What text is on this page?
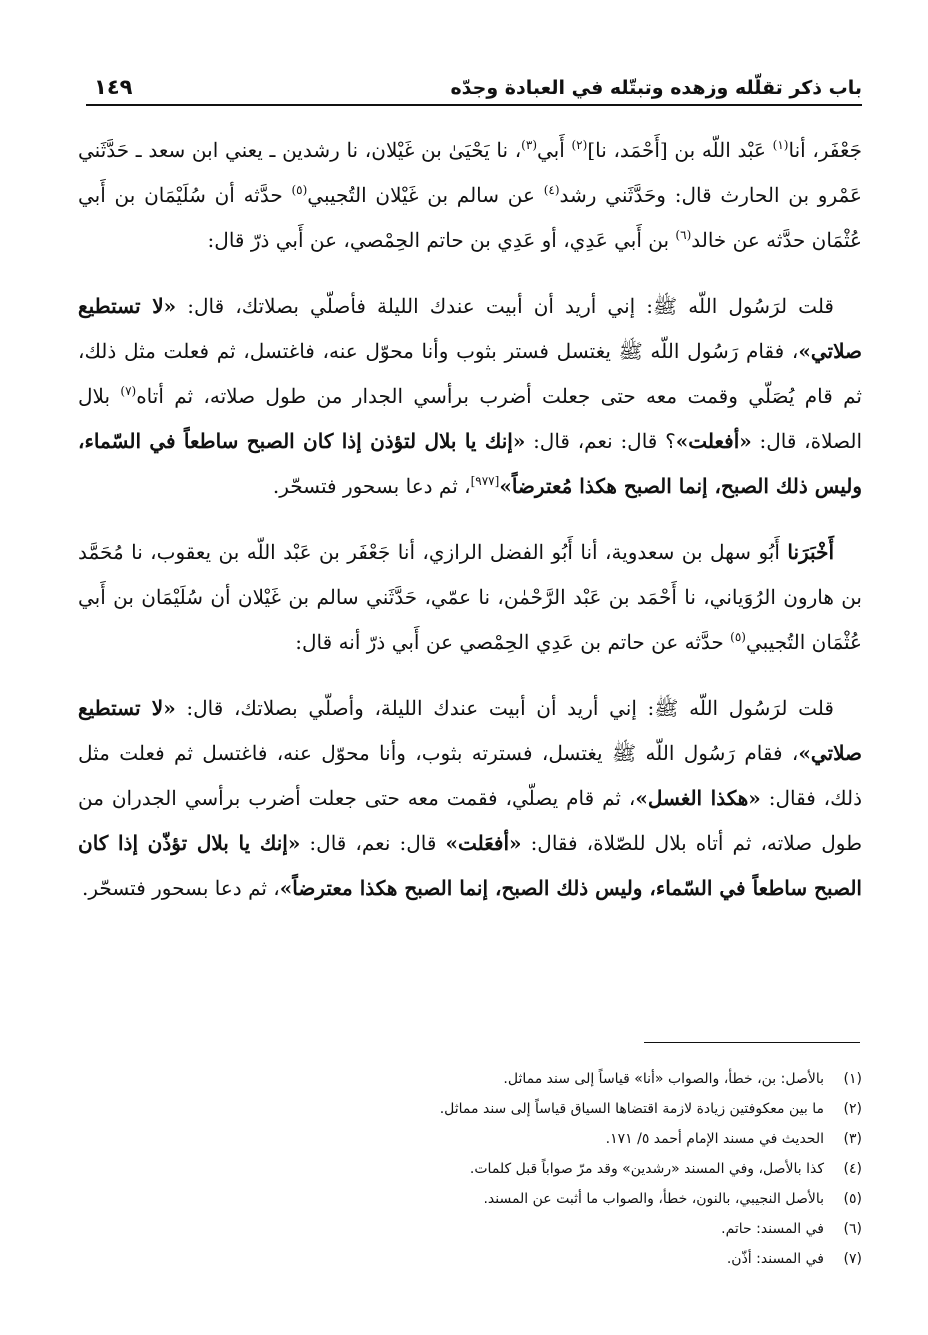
باب ذكر تقلّله وزهده وتبتّله في العبادة وجدّه
١٤٩

جَعْفَر، أنا$^{(١)}$ عَبْد اللّه بن [أَحْمَد، نا]$^{(٢)}$ أَبي$^{(٣)}$، نا يَحْيَىٰ بن غَيْلان، نا رشدين ـ يعني ابن سعد ـ حَدَّثَني عَمْرو بن الحارث قال: وحَدَّثَني رشد$^{(٤)}$ عن سالم بن غَيْلان التُجيبي$^{(٥)}$ حدَّثه أن سُلَيْمَان بن أَبي عُثْمَان حدَّثه عن خالد$^{(٦)}$ بن أَبي عَدِي، أو عَدِي بن حاتم الحِمْصي، عن أَبي ذرّ قال:

قلت لرَسُول اللّه ﷺ: إني أريد أن أبيت عندك الليلة فأصلّي بصلاتك، قال: «لا تستطيع صلاتي»، فقام رَسُول اللّه ﷺ يغتسل فستر بثوب وأنا محوّل عنه، فاغتسل، ثم فعلت مثل ذلك، ثم قام يُصَلّي وقمت معه حتى جعلت أضرب برأسي الجدار من طول صلاته، ثم أتاه$^{(٧)}$ بلال الصلاة، قال: «أفعلت»؟ قال: نعم، قال: «إنك يا بلال لتؤذن إذا كان الصبح ساطعاً في السّماء، وليس ذلك الصبح، إنما الصبح هكذا مُعترضاً»[٩٧٧]، ثم دعا بسحور فتسحّر.

أَخْبَرَنا أَبُو سهل بن سعدوية، أنا أَبُو الفضل الرازي، أنا جَعْفَر بن عَبْد اللّه بن يعقوب، نا مُحَمَّد بن هارون الرُوَياني، نا أَحْمَد بن عَبْد الرَّحْمٰن، نا عمّي، حَدَّثَني سالم بن غَيْلان أن سُلَيْمَان بن أَبي عُثْمَان التُجيبي$^{(٥)}$ حدَّثه عن حاتم بن عَدِي الحِمْصي عن أَبي ذرّ أنه قال:

قلت لرَسُول اللّه ﷺ: إني أريد أن أبيت عندك الليلة، وأصلّي بصلاتك، قال: «لا تستطيع صلاتي»، فقام رَسُول اللّه ﷺ يغتسل، فسترته بثوب، وأنا محوّل عنه، فاغتسل ثم فعلت مثل ذلك، فقال: «هكذا الغسل»، ثم قام يصلّي، فقمت معه حتى جعلت أضرب برأسي الجدران من طول صلاته، ثم أتاه بلال للصّلاة، فقال: «أفعَلت» قال: نعم، قال: «إنك يا بلال تؤذّن إذا كان الصبح ساطعاً في السّماء، وليس ذلك الصبح، إنما الصبح هكذا معترضاً»، ثم دعا بسحور فتسحّر.

(١)بالأصل: بن، خطأ، والصواب «أنا» قياساً إلى سند مماثل.
(٢)ما بين معكوفتين زيادة لازمة اقتضاها السياق قياساً إلى سند مماثل.
(٣)الحديث في مسند الإمام أحمد ٥/ ١٧١.
(٤)كذا بالأصل، وفي المسند «رشدين» وقد مرّ صواباً قبل كلمات.
(٥)بالأصل النجيبي، بالنون، خطأ، والصواب ما أثبت عن المسند.
(٦)في المسند: حاتم.
(٧)في المسند: أذّن.
